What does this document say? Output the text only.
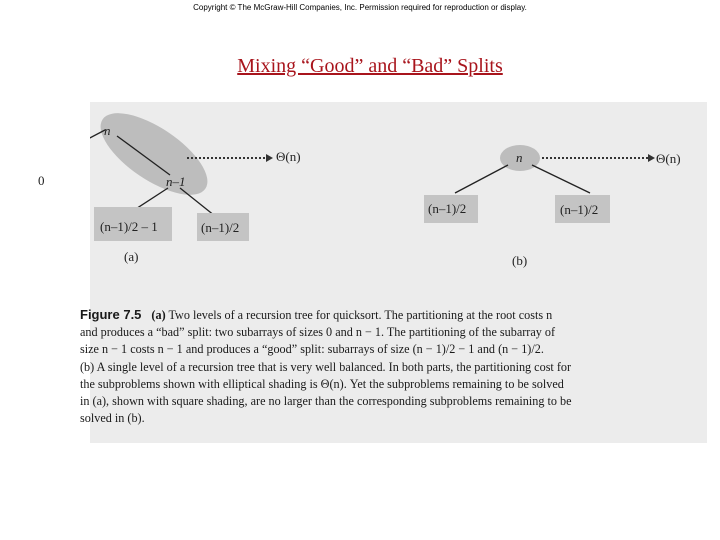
Copyright © The McGraw-Hill Companies, Inc. Permission required for reproduction or display.
Mixing “Good” and “Bad” Splits
n
0	n–1
Θ(n)
(n–1)/2 – 1	(n–1)/2
(a)
n	Θ(n)
(n–1)/2	(n–1)/2
(b)
Figure 7.5 (a) Two levels of a recursion tree for quicksort. The partitioning at the root costs n
and produces a “bad” split: two subarrays of sizes 0 and n − 1. The partitioning of the subarray of
size n − 1 costs n − 1 and produces a “good” split: subarrays of size (n − 1)/2 − 1 and (n − 1)/2.
(b) A single level of a recursion tree that is very well balanced. In both parts, the partitioning cost for
the subproblems shown with elliptical shading is Θ(n). Yet the subproblems remaining to be solved
in (a), shown with square shading, are no larger than the corresponding subproblems remaining to be
solved in (b).
